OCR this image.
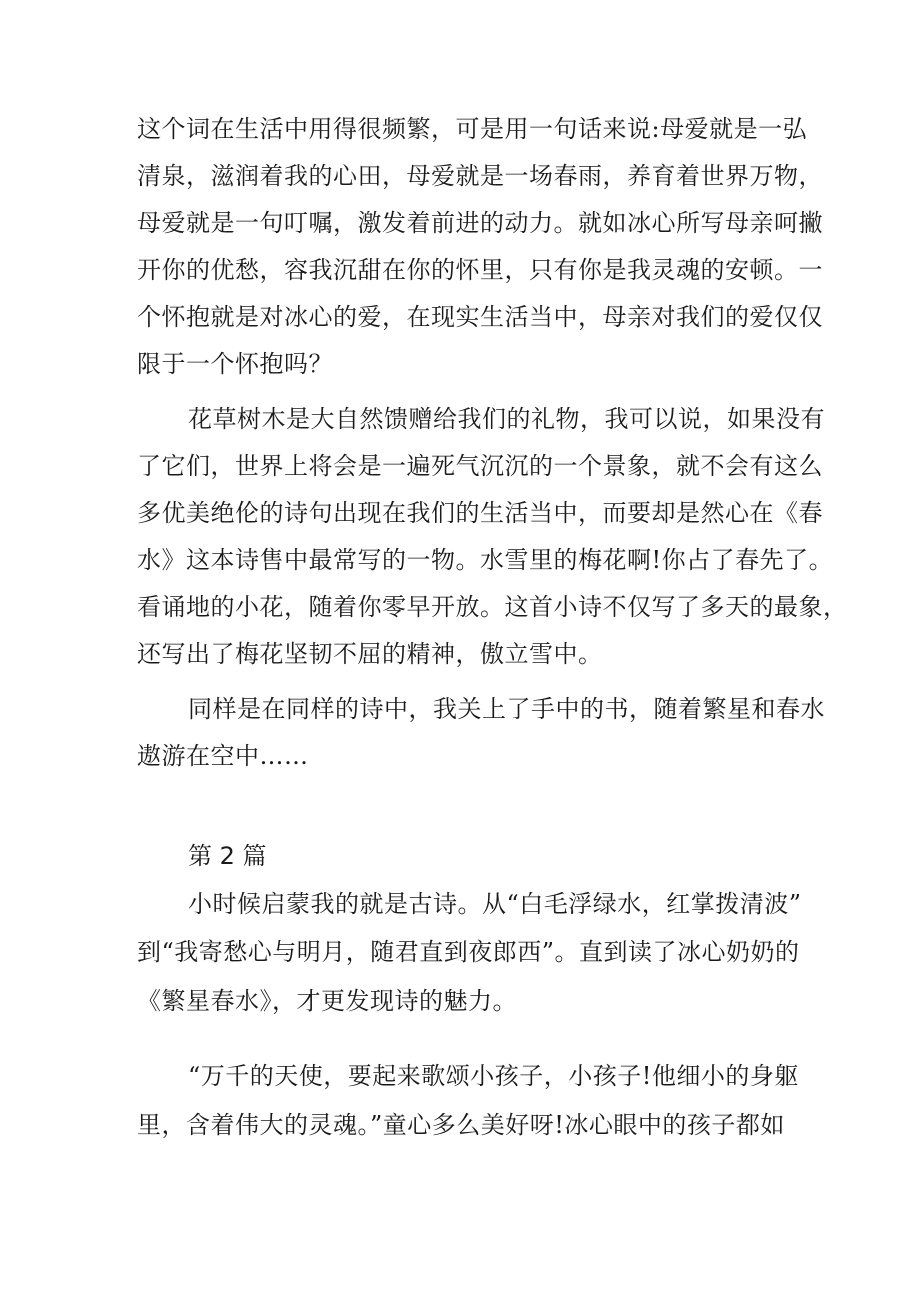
这个词在生活中用得很频繁，可是用一句话来说:母爱就是一弘
清泉，滋润着我的心田，母爱就是一场春雨，养育着世界万物，
母爱就是一句叮嘱，激发着前进的动力。就如冰心所写母亲呵撇
开你的优愁，容我沉甜在你的怀里，只有你是我灵魂的安顿。一
个怀抱就是对冰心的爱，在现实生活当中，母亲对我们的爱仅仅
限于一个怀抱吗？
花草树木是大自然馈赠给我们的礼物，我可以说，如果没有
了它们，世界上将会是一遍死气沉沉的一个景象，就不会有这么
多优美绝伦的诗句出现在我们的生活当中，而要却是然心在《春
水》这本诗售中最常写的一物。水雪里的梅花啊!你占了春先了。
看诵地的小花，随着你零早开放。这首小诗不仅写了多天的最象，
还写出了梅花坚韧不屈的精神，傲立雪中。
同样是在同样的诗中，我关上了手中的书，随着繁星和春水
遨游在空中……
第 2 篇
小时候启蒙我的就是古诗。从“白毛浮绿水，红掌拨清波”
到“我寄愁心与明月，随君直到夜郎西”。直到读了冰心奶奶的
《繁星春水》，才更发现诗的魅力。
“万千的天使，要起来歌颂小孩子，小孩子!他细小的身躯
里，含着伟大的灵魂。”童心多么美好呀!冰心眼中的孩子都如
